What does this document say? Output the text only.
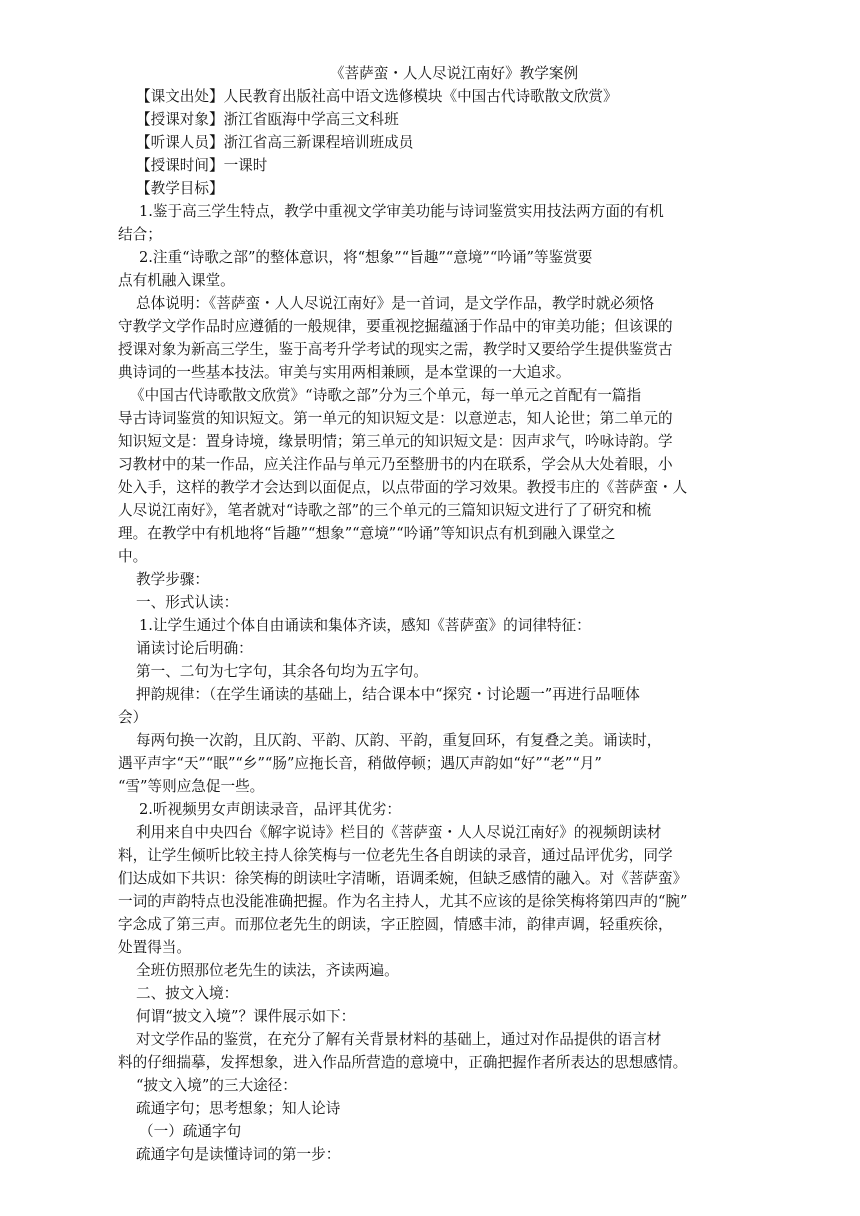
《菩萨蛮・人人尽说江南好》教学案例
【课文出处】人民教育出版社高中语文选修模块《中国古代诗歌散文欣赏》
【授课对象】浙江省瓯海中学高三文科班
【听课人员】浙江省高三新课程培训班成员
【授课时间】一课时
【教学目标】
1.鉴于高三学生特点，教学中重视文学审美功能与诗词鉴赏实用技法两方面的有机
结合；
2.注重“诗歌之部”的整体意识，将“想象”“旨趣”“意境”“吟诵”等鉴赏要
点有机融入课堂。
总体说明：《菩萨蛮・人人尽说江南好》是一首词，是文学作品，教学时就必须恪
守教学文学作品时应遵循的一般规律，要重视挖掘蕴涵于作品中的审美功能；但该课的
授课对象为新高三学生，鉴于高考升学考试的现实之需，教学时又要给学生提供鉴赏古
典诗词的一些基本技法。审美与实用两相兼顾，是本堂课的一大追求。
《中国古代诗歌散文欣赏》“诗歌之部”分为三个单元，每一单元之首配有一篇指
导古诗词鉴赏的知识短文。第一单元的知识短文是：以意逆志，知人论世；第二单元的
知识短文是：置身诗境，缘景明情；第三单元的知识短文是：因声求气，吟咏诗韵。学
习教材中的某一作品，应关注作品与单元乃至整册书的内在联系，学会从大处着眼，小
处入手，这样的教学才会达到以面促点，以点带面的学习效果。教授韦庄的《菩萨蛮・人
人尽说江南好》，笔者就对“诗歌之部”的三个单元的三篇知识短文进行了了研究和梳
理。在教学中有机地将“旨趣”“想象”“意境”“吟诵”等知识点有机到融入课堂之
中。
教学步骤：
一、形式认读：
1.让学生通过个体自由诵读和集体齐读，感知《菩萨蛮》的词律特征：
诵读讨论后明确：
第一、二句为七字句，其余各句均为五字句。
押韵规律：（在学生诵读的基础上，结合课本中“探究・讨论题一”再进行品咂体
会）
每两句换一次韵，且仄韵、平韵、仄韵、平韵，重复回环，有复叠之美。诵读时，
遇平声字“天”“眠”“乡”“肠”应拖长音，稍做停顿；遇仄声韵如“好”“老”“月”
“雪”等则应急促一些。
2.听视频男女声朗读录音，品评其优劣：
利用来自中央四台《解字说诗》栏目的《菩萨蛮・人人尽说江南好》的视频朗读材
料，让学生倾听比较主持人徐笑梅与一位老先生各自朗读的录音，通过品评优劣，同学
们达成如下共识：徐笑梅的朗读吐字清晰，语调柔婉，但缺乏感情的融入。对《菩萨蛮》
一词的声韵特点也没能准确把握。作为名主持人，尤其不应该的是徐笑梅将第四声的“腕”
字念成了第三声。而那位老先生的朗读，字正腔圆，情感丰沛，韵律声调，轻重疾徐，
处置得当。
全班仿照那位老先生的读法，齐读两遍。
二、披文入境：
何谓“披文入境”？课件展示如下：
对文学作品的鉴赏，在充分了解有关背景材料的基础上，通过对作品提供的语言材
料的仔细揣摹，发挥想象，进入作品所营造的意境中，正确把握作者所表达的思想感情。
“披文入境”的三大途径：
疏通字句；思考想象；知人论诗
（一）疏通字句
疏通字句是读懂诗词的第一步：
